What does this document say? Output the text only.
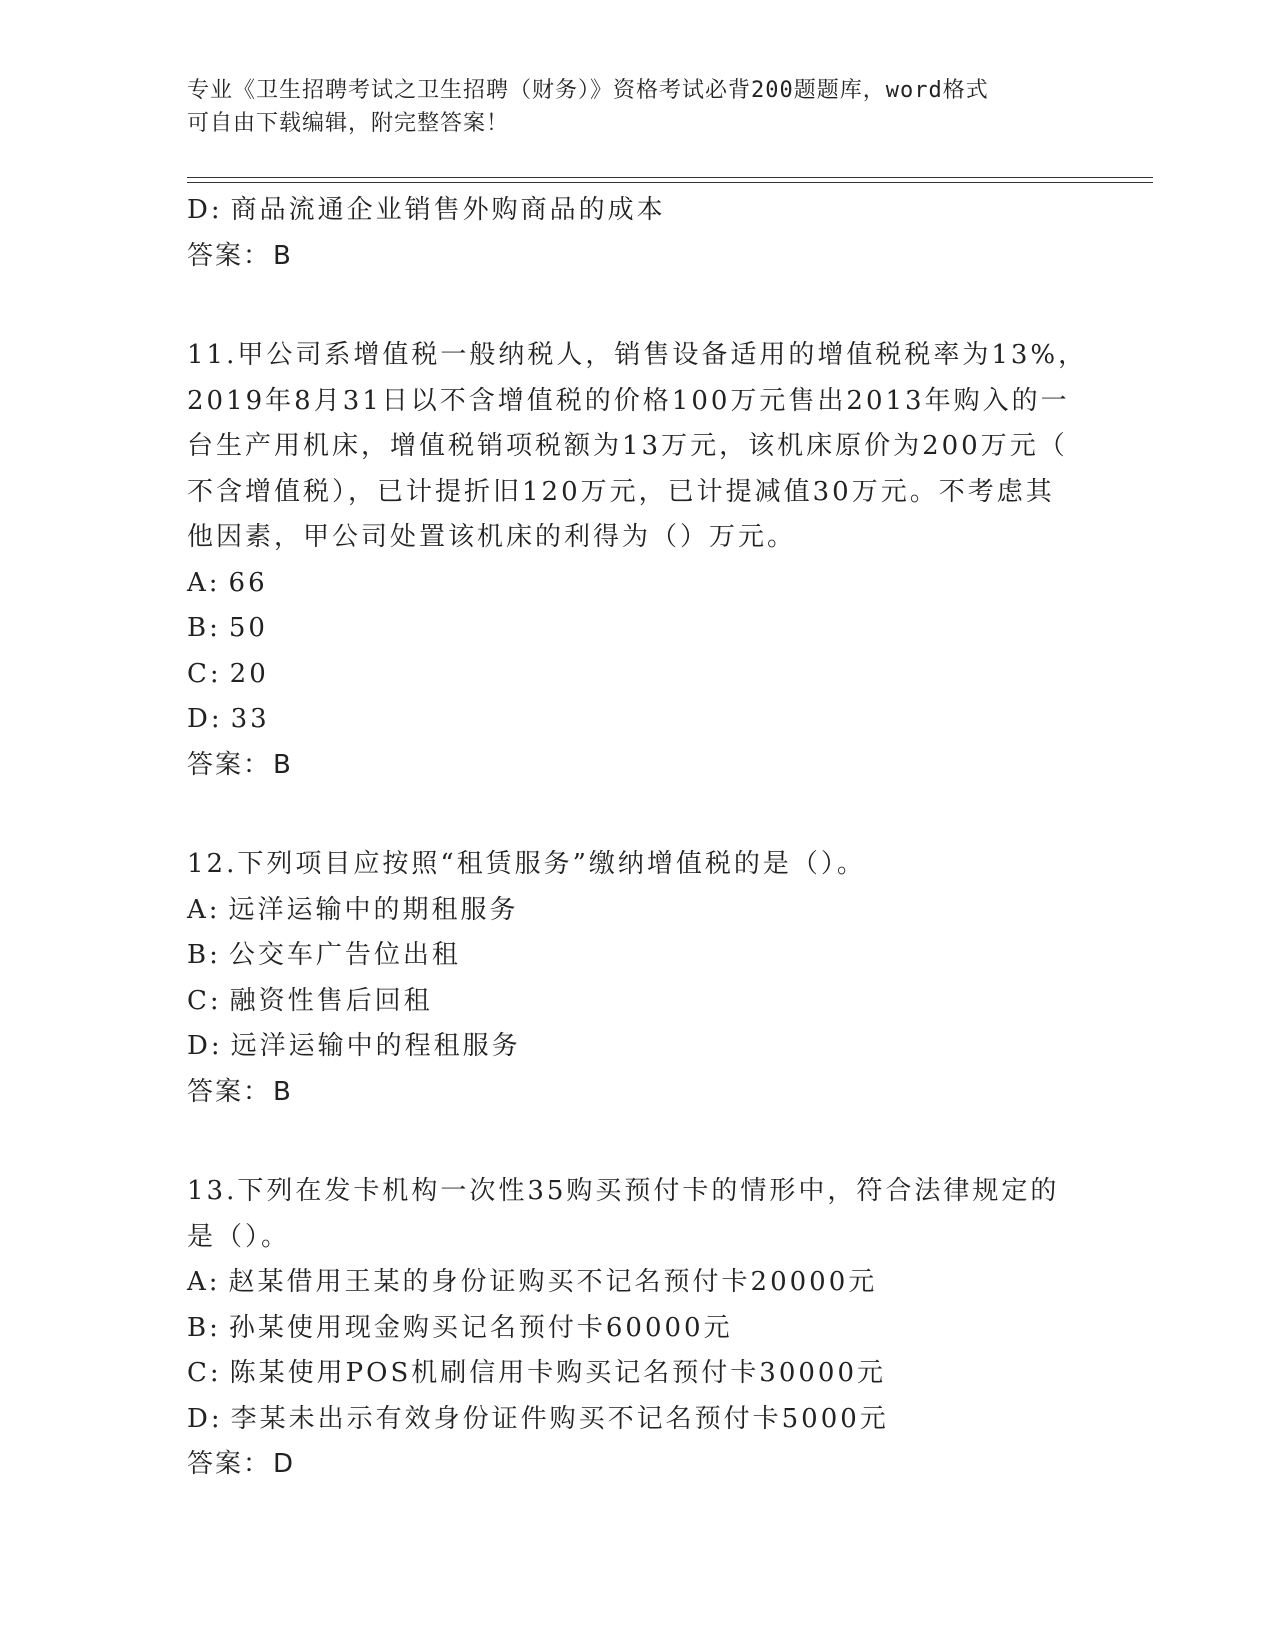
专业《卫生招聘考试之卫生招聘（财务）》资格考试必背200题题库，word格式
可自由下载编辑，附完整答案！
D: 商品流通企业销售外购商品的成本
答案：B
11.甲公司系增值税一般纳税人，销售设备适用的增值税税率为13%，
2019年8月31日以不含增值税的价格100万元售出2013年购入的一
台生产用机床，增值税销项税额为13万元，该机床原价为200万元（
不含增值税），已计提折旧120万元，已计提减值30万元。不考虑其
他因素，甲公司处置该机床的利得为（）万元。
A: 66
B: 50
C: 20
D: 33
答案：B
12.下列项目应按照“租赁服务”缴纳增值税的是（）。
A: 远洋运输中的期租服务
B: 公交车广告位出租
C: 融资性售后回租
D: 远洋运输中的程租服务
答案：B
13.下列在发卡机构一次性35购买预付卡的情形中，符合法律规定的
是（）。
A: 赵某借用王某的身份证购买不记名预付卡20000元
B: 孙某使用现金购买记名预付卡60000元
C: 陈某使用POS机刷信用卡购买记名预付卡30000元
D: 李某未出示有效身份证件购买不记名预付卡5000元
答案：D
